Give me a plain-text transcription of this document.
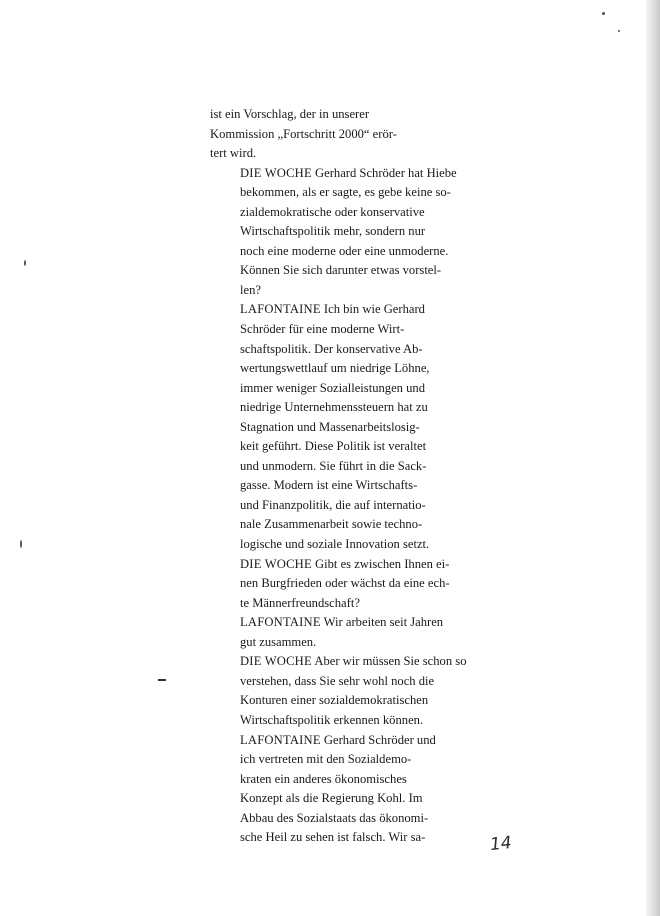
ist ein Vorschlag, der in unserer
Kommission „Fortschritt 2000“ erör-
tert wird.
DIE WOCHE Gerhard Schröder hat Hiebe
bekommen, als er sagte, es gebe keine so-
zialdemokratische oder konservative
Wirtschaftspolitik mehr, sondern nur
noch eine moderne oder eine unmoderne.
Können Sie sich darunter etwas vorstel-
len?
LAFONTAINE Ich bin wie Gerhard
Schröder für eine moderne Wirt-
schaftspolitik. Der konservative Ab-
wertungswettlauf um niedrige Löhne,
immer weniger Sozialleistungen und
niedrige Unternehmenssteuern hat zu
Stagnation und Massenarbeitslosig-
keit geführt. Diese Politik ist veraltet
und unmodern. Sie führt in die Sack-
gasse. Modern ist eine Wirtschafts-
und Finanzpolitik, die auf internatio-
nale Zusammenarbeit sowie techno-
logische und soziale Innovation setzt.
DIE WOCHE Gibt es zwischen Ihnen ei-
nen Burgfrieden oder wächst da eine ech-
te Männerfreundschaft?
LAFONTAINE Wir arbeiten seit Jahren
gut zusammen.
DIE WOCHE Aber wir müssen Sie schon so
verstehen, dass Sie sehr wohl noch die
Konturen einer sozialdemokratischen
Wirtschaftspolitik erkennen können.
LAFONTAINE Gerhard Schröder und
ich vertreten mit den Sozialdemo-
kraten ein anderes ökonomisches
Konzept als die Regierung Kohl. Im
Abbau des Sozialstaats das ökonomi-
sche Heil zu sehen ist falsch. Wir sa-	14
